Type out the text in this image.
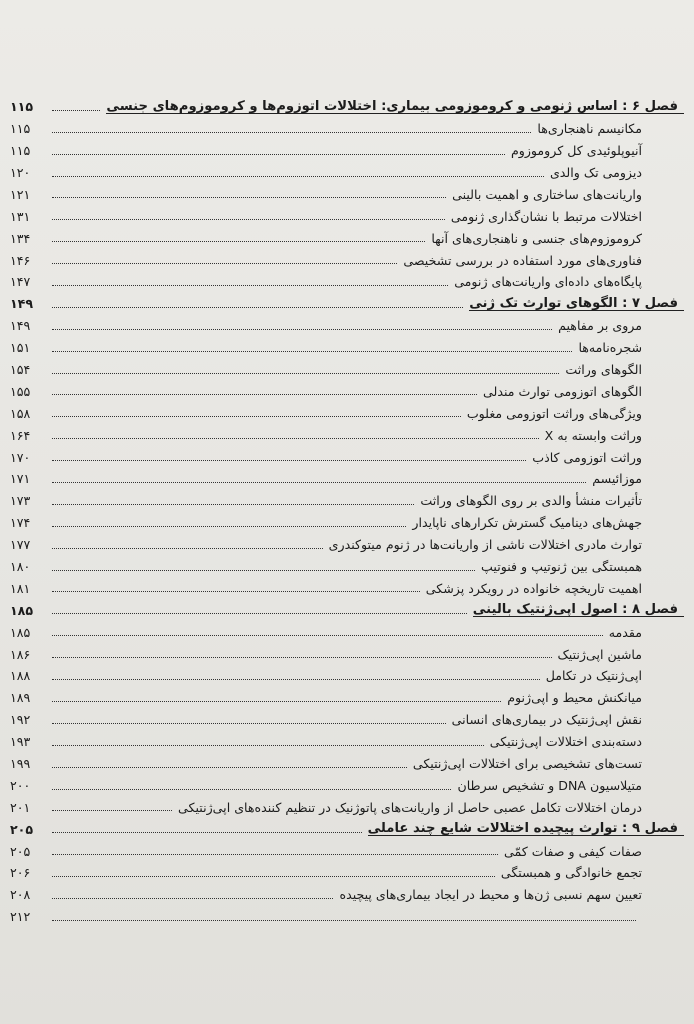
فصل ۶ : اساس ژنومی و کروموزومی بیماری: اختلالات اتوزوم‌ها و کروموزوم‌های جنسی
۱۱۵
مکانیسم ناهنجاری‌ها
۱۱۵
آنیوپلوئیدی کل کروموزوم
۱۱۵
دیزومی تک والدی
۱۲۰
واریانت‌های ساختاری و اهمیت بالینی
۱۲۱
اختلالات مرتبط با نشان‌گذاری ژنومی
۱۳۱
کروموزوم‌های جنسی و ناهنجاری‌های آنها
۱۳۴
فناوری‌های مورد استفاده در بررسی تشخیصی
۱۴۶
پایگاه‌های داده‌ای واریانت‌های ژنومی
۱۴۷
فصل ۷ : الگوهای توارث تک ژنی
۱۴۹
مروی بر مفاهیم
۱۴۹
شجره‌نامه‌ها
۱۵۱
الگوهای وراثت
۱۵۴
الگوهای اتوزومی توارث مندلی
۱۵۵
ویژگی‌های وراثت اتوزومی مغلوب
۱۵۸
وراثت وابسته به X
۱۶۴
وراثت اتوزومی کاذب
۱۷۰
موزائیسم
۱۷۱
تأثیرات منشأ والدی بر روی الگوهای وراثت
۱۷۳
جهش‌های دینامیک گسترش تکرارهای ناپایدار
۱۷۴
توارث مادری اختلالات ناشی از واریانت‌ها در ژنوم میتوکندری
۱۷۷
همبستگی بین ژنوتیپ و فنوتیپ
۱۸۰
اهمیت تاریخچه خانواده در رویکرد پزشکی
۱۸۱
فصل ۸ : اصول اپی‌ژنتیک بالینی
۱۸۵
مقدمه
۱۸۵
ماشین اپی‌ژنتیک
۱۸۶
اپی‌ژنتیک در تکامل
۱۸۸
میانکنش محیط و اپی‌ژنوم
۱۸۹
نقش اپی‌ژنتیک در بیماری‌های انسانی
۱۹۲
دسته‌بندی اختلالات اپی‌ژنتیکی
۱۹۳
تست‌های تشخیصی برای اختلالات اپی‌ژنتیکی
۱۹۹
متیلاسیون DNA و تشخیص سرطان
۲۰۰
درمان اختلالات تکامل عصبی حاصل از واریانت‌های پاتوژنیک در تنظیم کننده‌های اپی‌ژنتیکی
۲۰۱
فصل ۹ : توارث پیچیده اختلالات شایع چند عاملی
۲۰۵
صفات کیفی و صفات کمّی
۲۰۵
تجمع خانوادگی و همبستگی
۲۰۶
تعیین سهم نسبی ژن‌ها و محیط در ایجاد بیماری‌های پیچیده
۲۰۸
۲۱۲
